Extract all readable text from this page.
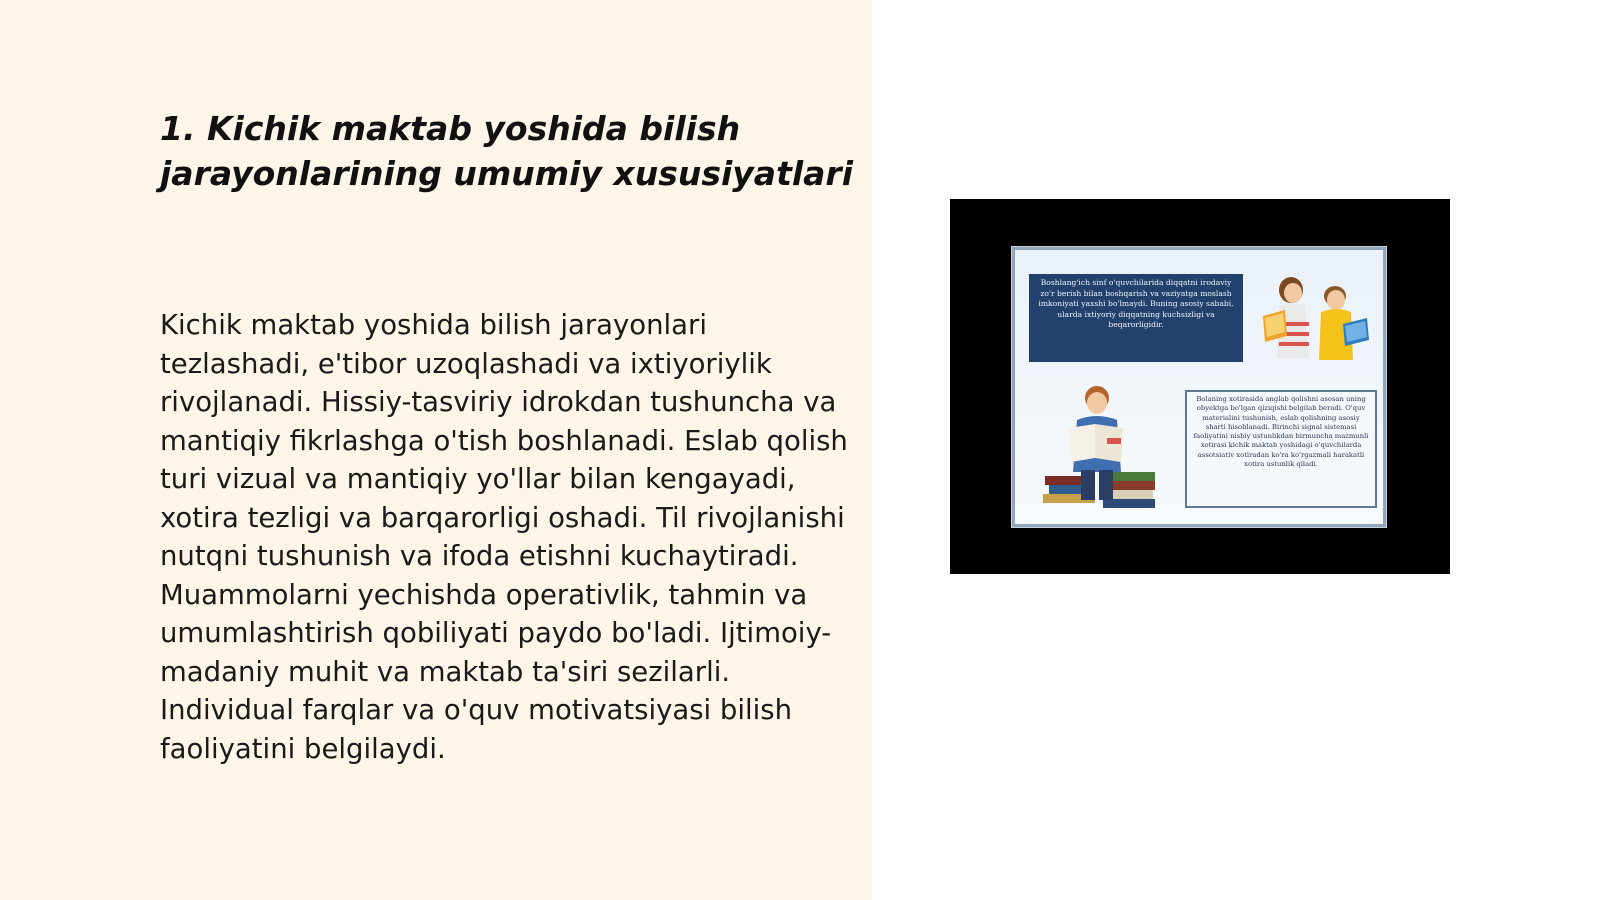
1. Kichik maktab yoshida bilish jarayonlarining umumiy xususiyatlari

Kichik maktab yoshida bilish jarayonlari tezlashadi, e'tibor uzoqlashadi va ixtiyoriylik rivojlanadi. Hissiy-tasviriy idrokdan tushuncha va mantiqiy fikrlashga o'tish boshlanadi. Eslab qolish turi vizual va mantiqiy yo'llar bilan kengayadi, xotira tezligi va barqarorligi oshadi. Til rivojlanishi nutqni tushunish va ifoda etishni kuchaytiradi. Muammolarni yechishda operativlik, tahmin va umumlashtirish qobiliyati paydo bo'ladi. Ijtimoiy-madaniy muhit va maktab ta'siri sezilarli. Individual farqlar va o'quv motivatsiyasi bilish faoliyatini belgilaydi.

Boshlang'ich sinf o'quvchilarida diqqatni irodaviy zo'r berish bilan boshqarish va vaziyatga moslash imkoniyati yaxshi bo'lmaydi. Buning asosiy sababi, ularda ixtiyoriy diqqatning kuchsizligi va beqarorligidir.
Bolaning xotirasida anglab qolishni asosan uning obyektga bo'lgan qiziqishi belgilab beradi. O'quv materialini tushunish, eslab qolishning asosiy sharti hisoblanadi. Birinchi signal sistemasi faoliyatini nisbiy ustunlikdan birmuncha mazmunli xotirasi kichik maktab yoshidagi o'quvchilarda assotsiativ xotiradan ko'ra ko'rgazmali harakatli xotira ustunlik qiladi.
